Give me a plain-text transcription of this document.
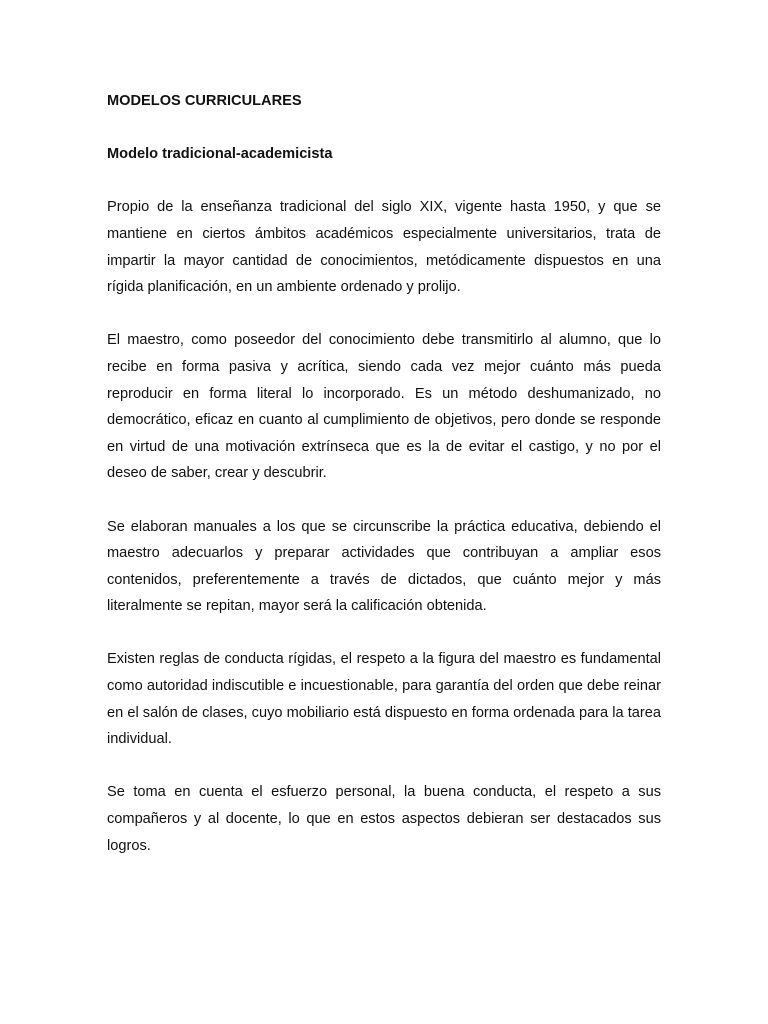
MODELOS CURRICULARES
Modelo tradicional-academicista

Propio de la enseñanza tradicional del siglo XIX, vigente hasta 1950, y que se mantiene en ciertos ámbitos académicos especialmente universitarios, trata de impartir la mayor cantidad de conocimientos, metódicamente dispuestos en una rígida planificación, en un ambiente ordenado y prolijo.

El maestro, como poseedor del conocimiento debe transmitirlo al alumno, que lo recibe en forma pasiva y acrítica, siendo cada vez mejor cuánto más pueda reproducir en forma literal lo incorporado. Es un método deshumanizado, no democrático, eficaz en cuanto al cumplimiento de objetivos, pero donde se responde en virtud de una motivación extrínseca que es la de evitar el castigo, y no por el deseo de saber, crear y descubrir.

Se elaboran manuales a los que se circunscribe la práctica educativa, debiendo el maestro adecuarlos y preparar actividades que contribuyan a ampliar esos contenidos, preferentemente a través de dictados, que cuánto mejor y más literalmente se repitan, mayor será la calificación obtenida.

Existen reglas de conducta rígidas, el respeto a la figura del maestro es fundamental como autoridad indiscutible e incuestionable, para garantía del orden que debe reinar en el salón de clases, cuyo mobiliario está dispuesto en forma ordenada para la tarea individual.

Se toma en cuenta el esfuerzo personal, la buena conducta, el respeto a sus compañeros y al docente, lo que en estos aspectos debieran ser destacados sus logros.
